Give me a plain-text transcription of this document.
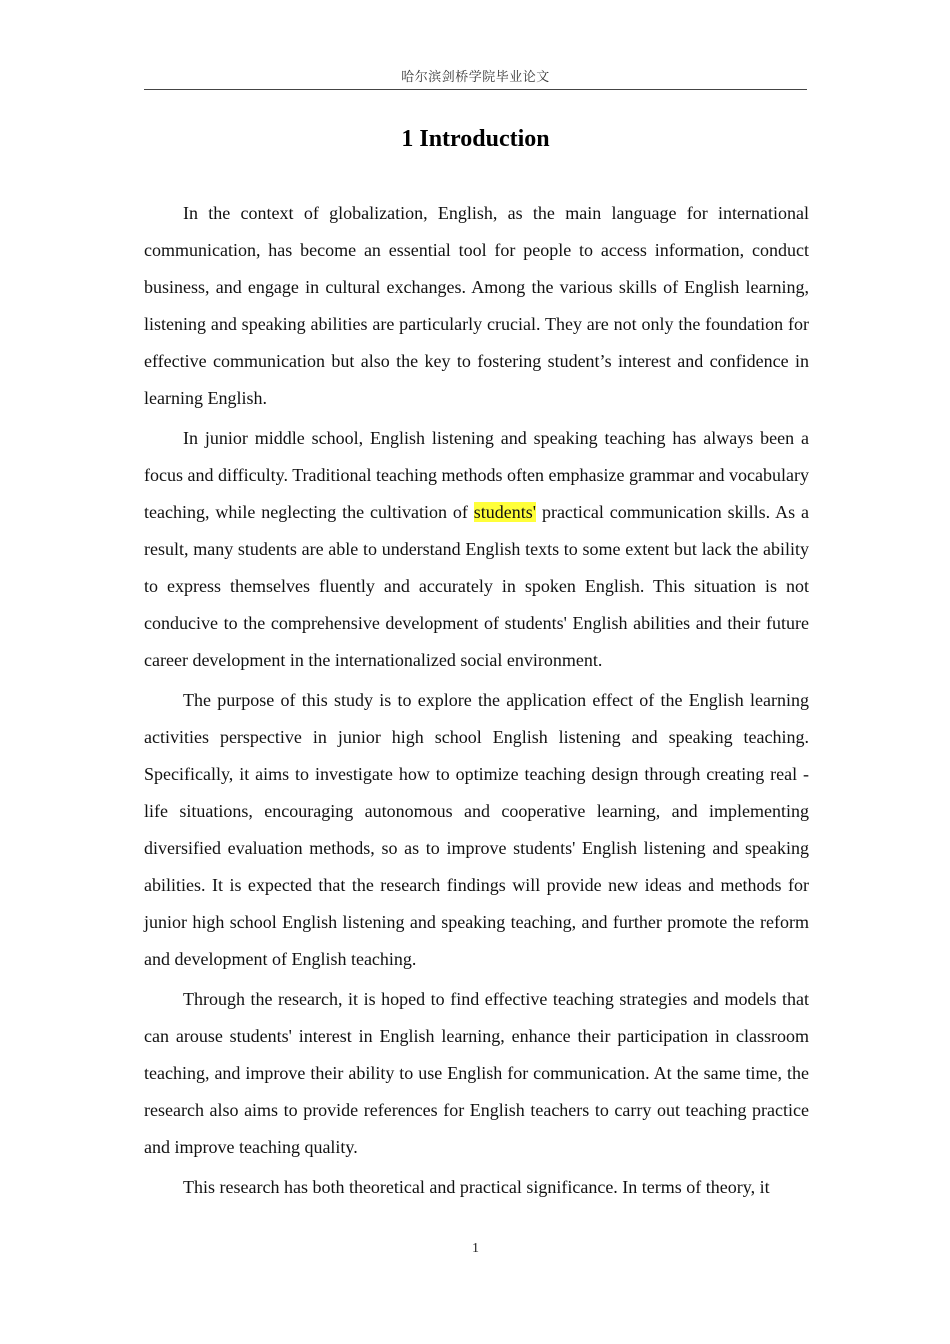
哈尔滨剑桥学院毕业论文
1 Introduction

In the context of globalization, English, as the main language for international communication, has become an essential tool for people to access information, conduct business, and engage in cultural exchanges. Among the various skills of English learning, listening and speaking abilities are particularly crucial. They are not only the foundation for effective communication but also the key to fostering student’s interest and confidence in learning English.

In junior middle school, English listening and speaking teaching has always been a focus and difficulty. Traditional teaching methods often emphasize grammar and vocabulary teaching, while neglecting the cultivation of students' practical communication skills. As a result, many students are able to understand English texts to some extent but lack the ability to express themselves fluently and accurately in spoken English. This situation is not conducive to the comprehensive development of students' English abilities and their future career development in the internationalized social environment.

The purpose of this study is to explore the application effect of the English learning activities perspective in junior high school English listening and speaking teaching. Specifically, it aims to investigate how to optimize teaching design through creating real - life situations, encouraging autonomous and cooperative learning, and implementing diversified evaluation methods, so as to improve students' English listening and speaking abilities. It is expected that the research findings will provide new ideas and methods for junior high school English listening and speaking teaching, and further promote the reform and development of English teaching.

Through the research, it is hoped to find effective teaching strategies and models that can arouse students' interest in English learning, enhance their participation in classroom teaching, and improve their ability to use English for communication. At the same time, the research also aims to provide references for English teachers to carry out teaching practice and improve teaching quality.

This research has both theoretical and practical significance. In terms of theory, it

1
